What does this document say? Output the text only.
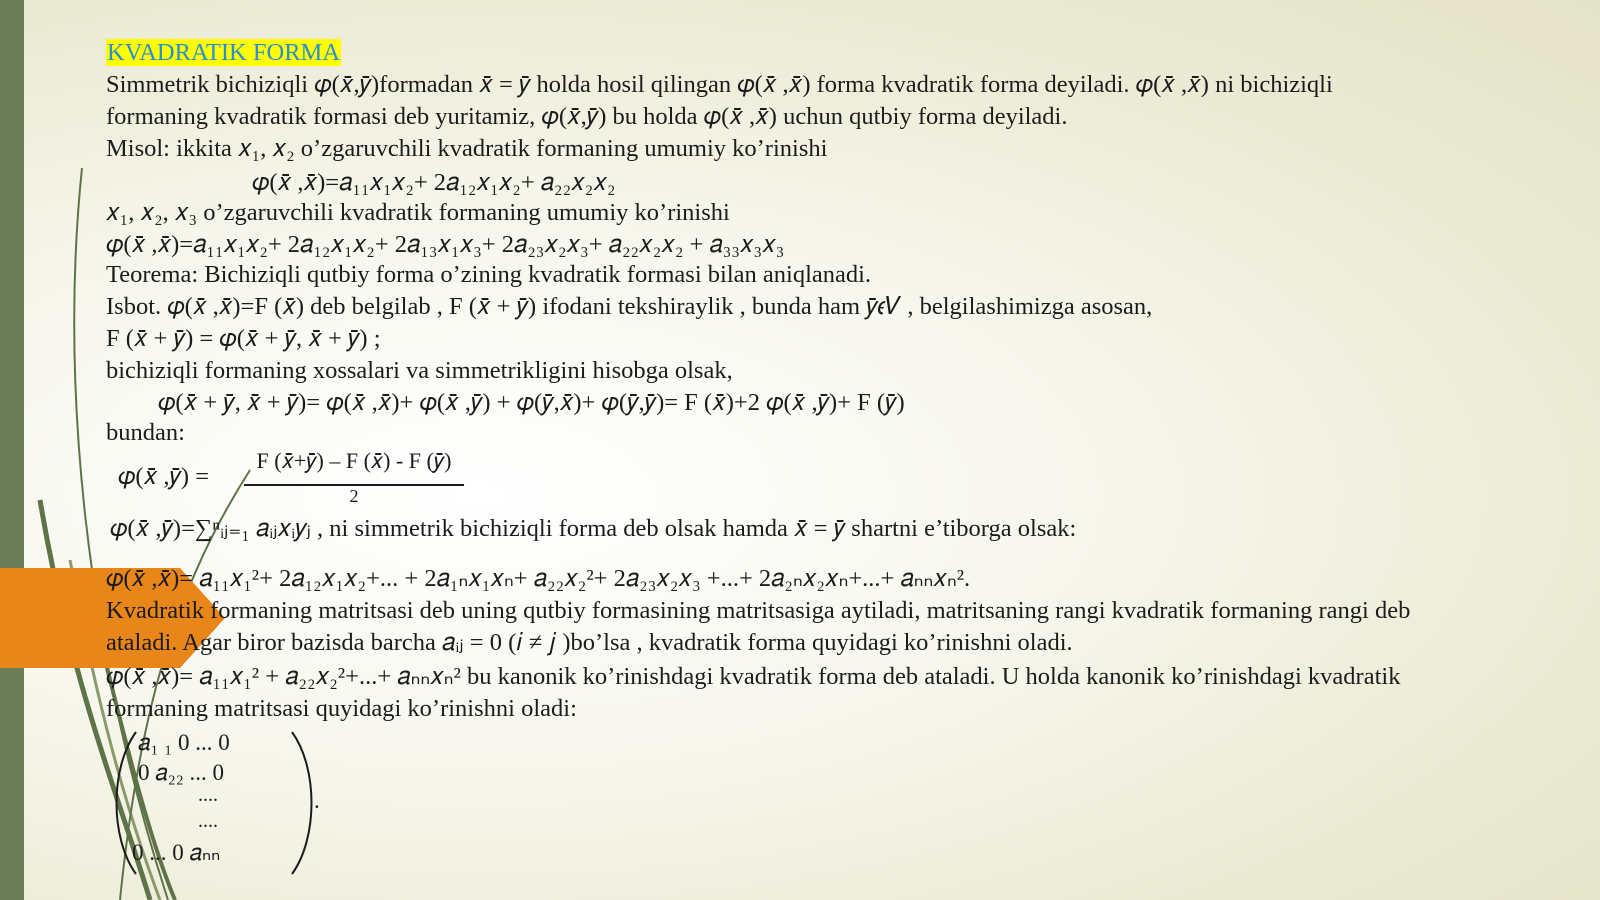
KVADRATIK FORMA
Simmetrik bichiziqli 𝜑(𝑥̄,𝑦̄)formadan 𝑥̄ = 𝑦̄ holda hosil qilingan 𝜑(𝑥̄ ,𝑥̄) forma kvadratik forma deyiladi. 𝜑(𝑥̄ ,𝑥̄) ni bichiziqli
formaning kvadratik formasi deb yuritamiz, 𝜑(𝑥̄,𝑦̄) bu holda 𝜑(𝑥̄ ,𝑥̄) uchun qutbiy forma deyiladi.
Misol: ikkita 𝑥₁, 𝑥₂ o’zgaruvchili kvadratik formaning umumiy ko’rinishi
𝜑(𝑥̄ ,𝑥̄)=𝑎₁₁𝑥₁𝑥₂+ 2𝑎₁₂𝑥₁𝑥₂+ 𝑎₂₂𝑥₂𝑥₂
𝑥₁, 𝑥₂, 𝑥₃ o’zgaruvchili kvadratik formaning umumiy ko’rinishi
𝜑(𝑥̄ ,𝑥̄)=𝑎₁₁𝑥₁𝑥₂+ 2𝑎₁₂𝑥₁𝑥₂+ 2𝑎₁₃𝑥₁𝑥₃+ 2𝑎₂₃𝑥₂𝑥₃+ 𝑎₂₂𝑥₂𝑥₂ + 𝑎₃₃𝑥₃𝑥₃
Teorema: Bichiziqli qutbiy forma o’zining kvadratik formasi bilan aniqlanadi.
Isbot. 𝜑(𝑥̄ ,𝑥̄)=F (𝑥̄) deb belgilab , F (𝑥̄ + 𝑦̄) ifodani tekshiraylik , bunda ham 𝑦̄𝜖𝑉 , belgilashimizga asosan,
F (𝑥̄ + 𝑦̄) = 𝜑(𝑥̄ + 𝑦̄, 𝑥̄ + 𝑦̄) ;
bichiziqli formaning xossalari va simmetrikligini hisobga olsak,
𝜑(𝑥̄ + 𝑦̄, 𝑥̄ + 𝑦̄)= 𝜑(𝑥̄ ,𝑥̄)+ 𝜑(𝑥̄ ,𝑦̄) + 𝜑(𝑦̄,𝑥̄)+ 𝜑(𝑦̄,𝑦̄)= F (𝑥̄)+2 𝜑(𝑥̄ ,𝑦̄)+ F (𝑦̄)
bundan:
𝜑(𝑥̄ ,𝑦̄) =
F (𝑥̄+𝑦̄) – F (𝑥̄) - F (𝑦̄)
2
𝜑(𝑥̄ ,𝑦̄)=∑ⁿᵢⱼ₌₁ 𝑎ᵢⱼ𝑥ᵢ𝑦ⱼ , ni simmetrik bichiziqli forma deb olsak hamda 𝑥̄ = 𝑦̄ shartni e’tiborga olsak:
𝜑(𝑥̄ ,𝑥̄)= 𝑎₁₁𝑥₁²+ 2𝑎₁₂𝑥₁𝑥₂+... + 2𝑎₁ₙ𝑥₁𝑥ₙ+ 𝑎₂₂𝑥₂²+ 2𝑎₂₃𝑥₂𝑥₃ +...+ 2𝑎₂ₙ𝑥₂𝑥ₙ+...+ 𝑎ₙₙ𝑥ₙ².
Kvadratik formaning matritsasi deb uning qutbiy formasining matritsasiga aytiladi, matritsaning rangi kvadratik formaning rangi deb
ataladi. Agar biror bazisda barcha 𝑎ᵢⱼ = 0 (𝑖 ≠ 𝑗 )bo’lsa , kvadratik forma quyidagi ko’rinishni oladi.
𝜑(𝑥̄ ,𝑥̄)= 𝑎₁₁𝑥₁² + 𝑎₂₂𝑥₂²+...+ 𝑎ₙₙ𝑥ₙ² bu kanonik ko’rinishdagi kvadratik forma deb ataladi. U holda kanonik ko’rinishdagi kvadratik
formaning matritsasi quyidagi ko’rinishni oladi:
𝑎₁ ₁ 0 ... 0
0 𝑎₂₂ ... 0
....
....
0 ... 0 𝑎ₙₙ
.
